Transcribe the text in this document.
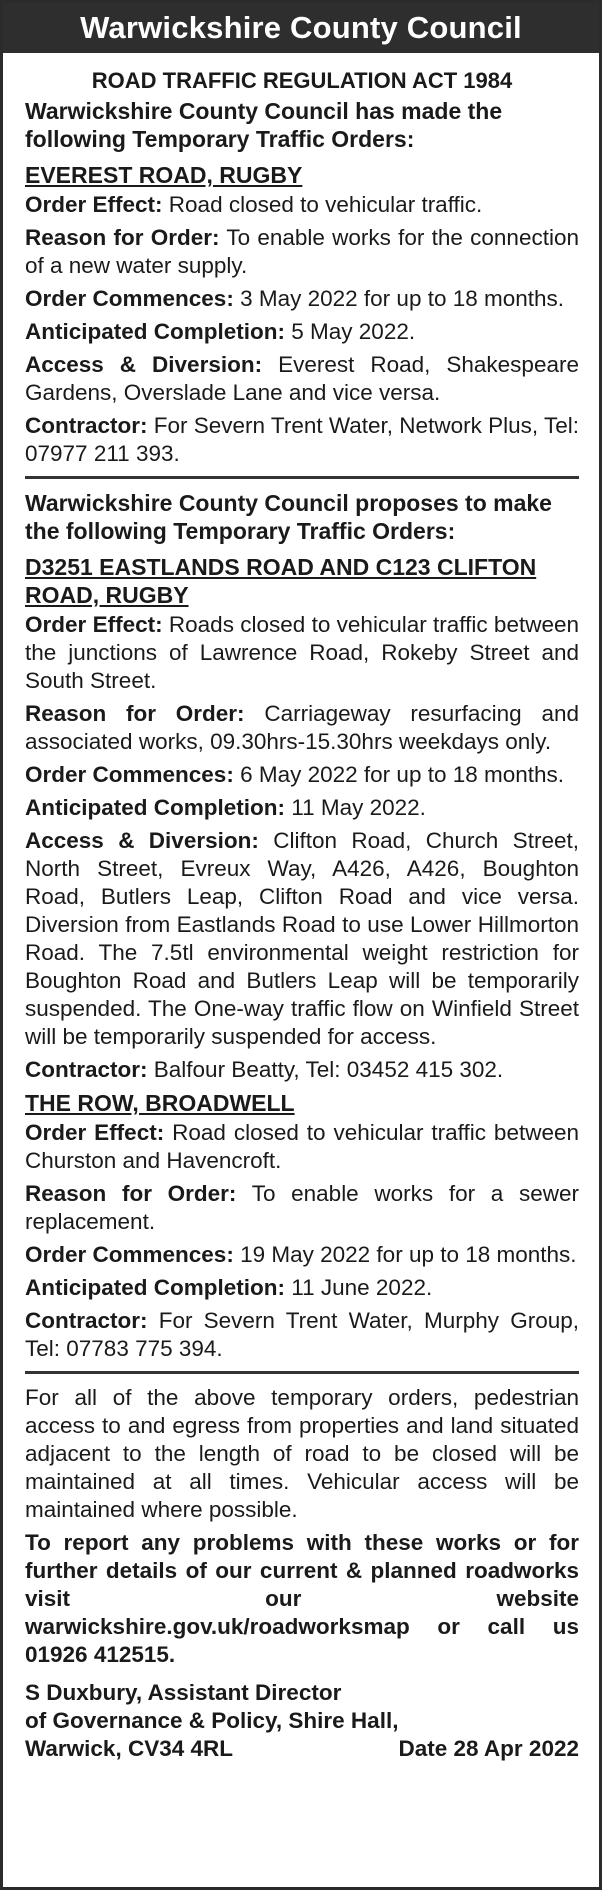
Warwickshire County Council
ROAD TRAFFIC REGULATION ACT 1984
Warwickshire County Council has made the following Temporary Traffic Orders:
EVEREST ROAD, RUGBY
Order Effect: Road closed to vehicular traffic.
Reason for Order: To enable works for the connection of a new water supply.
Order Commences: 3 May 2022 for up to 18 months.
Anticipated Completion: 5 May 2022.
Access & Diversion: Everest Road, Shakespeare Gardens, Overslade Lane and vice versa.
Contractor: For Severn Trent Water, Network Plus, Tel: 07977 211 393.
Warwickshire County Council proposes to make the following Temporary Traffic Orders:
D3251 EASTLANDS ROAD AND C123 CLIFTON ROAD, RUGBY
Order Effect: Roads closed to vehicular traffic between the junctions of Lawrence Road, Rokeby Street and South Street.
Reason for Order: Carriageway resurfacing and associated works, 09.30hrs-15.30hrs weekdays only.
Order Commences: 6 May 2022 for up to 18 months.
Anticipated Completion: 11 May 2022.
Access & Diversion: Clifton Road, Church Street, North Street, Evreux Way, A426, A426, Boughton Road, Butlers Leap, Clifton Road and vice versa. Diversion from Eastlands Road to use Lower Hillmorton Road. The 7.5tl environmental weight restriction for Boughton Road and Butlers Leap will be temporarily suspended. The One-way traffic flow on Winfield Street will be temporarily suspended for access.
Contractor: Balfour Beatty, Tel: 03452 415 302.
THE ROW, BROADWELL
Order Effect: Road closed to vehicular traffic between Churston and Havencroft.
Reason for Order: To enable works for a sewer replacement.
Order Commences: 19 May 2022 for up to 18 months.
Anticipated Completion: 11 June 2022.
Contractor: For Severn Trent Water, Murphy Group, Tel: 07783 775 394.
For all of the above temporary orders, pedestrian access to and egress from properties and land situated adjacent to the length of road to be closed will be maintained at all times. Vehicular access will be maintained where possible.
To report any problems with these works or for further details of our current & planned roadworks visit our website warwickshire.gov.uk/roadworksmap or call us 01926 412515.
S Duxbury, Assistant Director
of Governance & Policy, Shire Hall,
Warwick, CV34 4RL	Date 28 Apr 2022
